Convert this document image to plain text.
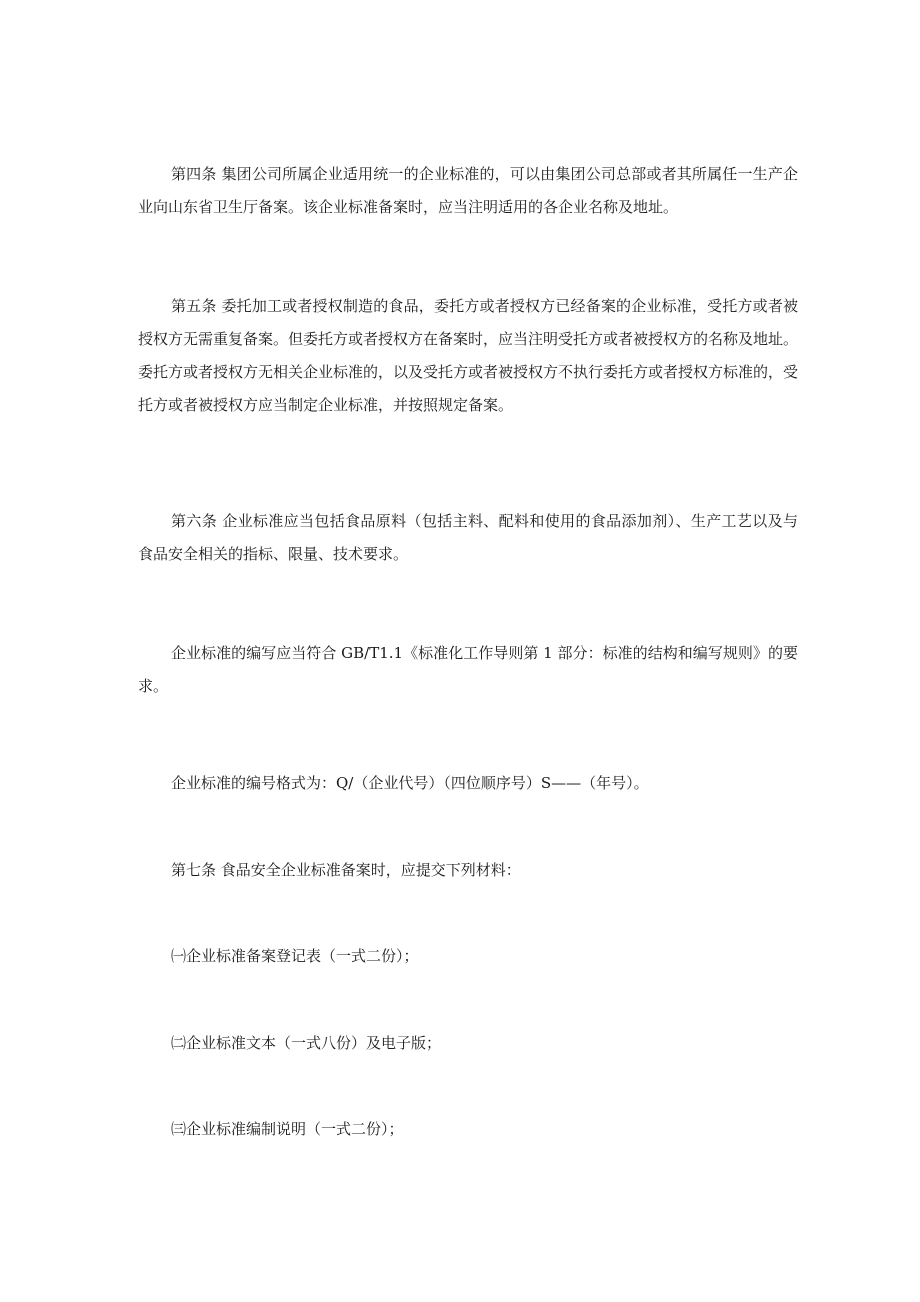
第四条 集团公司所属企业适用统一的企业标准的，可以由集团公司总部或者其所属任一生产企业向山东省卫生厅备案。该企业标准备案时，应当注明适用的各企业名称及地址。

第五条 委托加工或者授权制造的食品，委托方或者授权方已经备案的企业标准，受托方或者被授权方无需重复备案。但委托方或者授权方在备案时，应当注明受托方或者被授权方的名称及地址。委托方或者授权方无相关企业标准的，以及受托方或者被授权方不执行委托方或者授权方标准的，受托方或者被授权方应当制定企业标准，并按照规定备案。

第六条 企业标准应当包括食品原料（包括主料、配料和使用的食品添加剂）、生产工艺以及与食品安全相关的指标、限量、技术要求。

企业标准的编写应当符合 GB/T1.1《标准化工作导则第 1 部分：标准的结构和编写规则》的要求。

企业标准的编号格式为：Q/（企业代号）（四位顺序号）S——（年号）。

第七条 食品安全企业标准备案时，应提交下列材料：

㈠企业标准备案登记表（一式二份）；

㈡企业标准文本（一式八份）及电子版；

㈢企业标准编制说明（一式二份）；
